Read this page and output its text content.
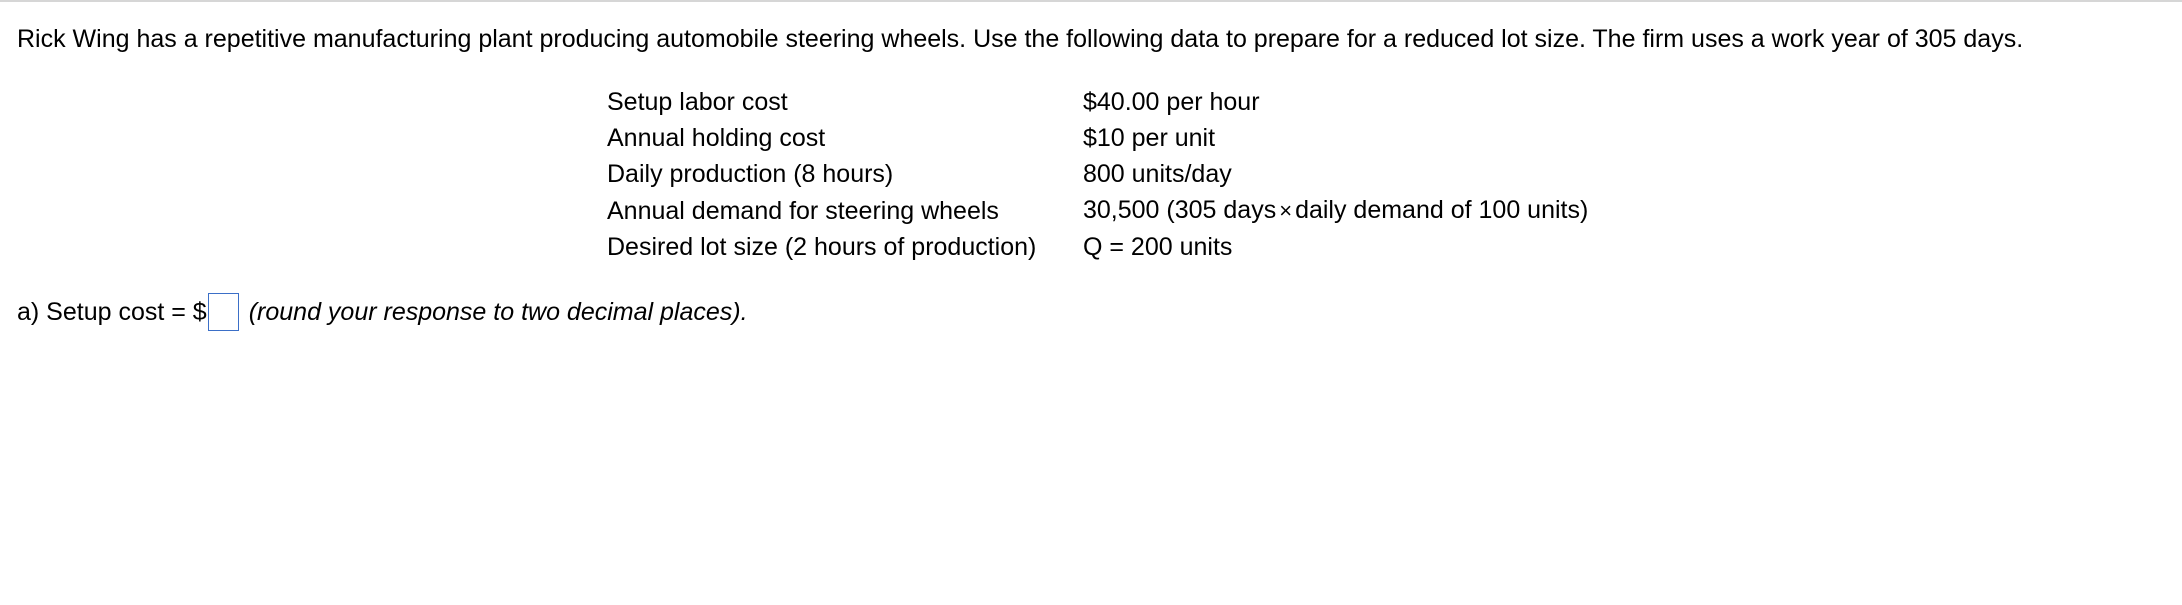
Rick Wing has a repetitive manufacturing plant producing automobile steering wheels. Use the following data to prepare for a reduced lot size. The firm uses a work year of 305 days.
Setup labor cost	$40.00 per hour
Annual holding cost	$10 per unit
Daily production (8 hours)	800 units/day
Annual demand for steering wheels	30,500 (305 days × daily demand of 100 units)
Desired lot size (2 hours of production)	Q = 200 units
a) Setup cost = $ (round your response to two decimal places).
